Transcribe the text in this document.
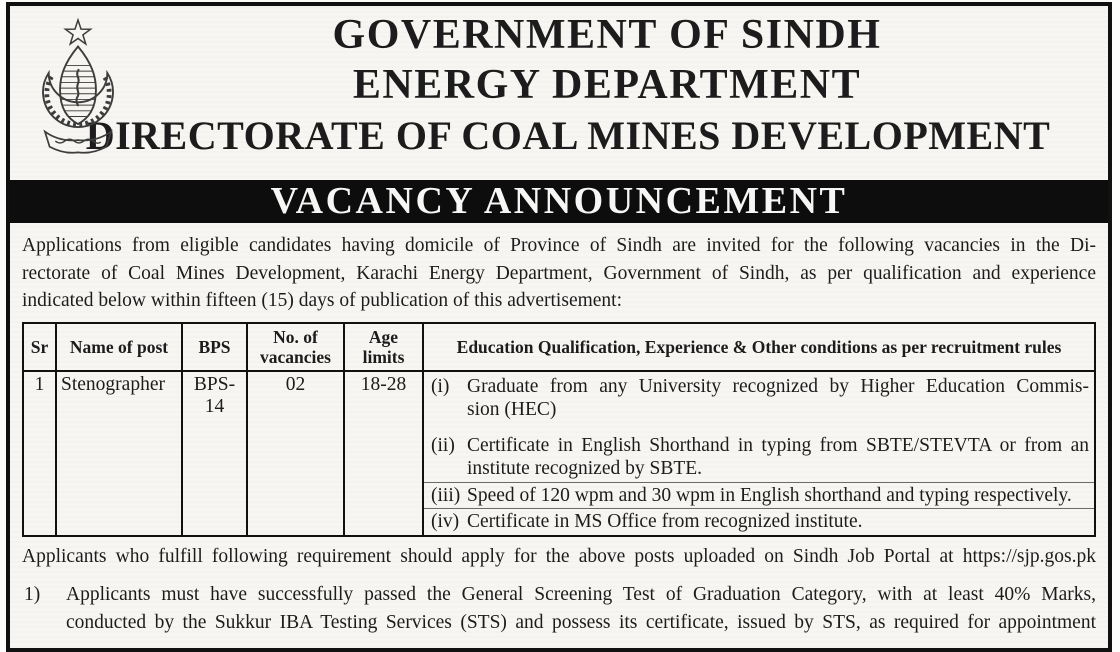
GOVERNMENT OF SINDH
ENERGY DEPARTMENT
DIRECTORATE OF COAL MINES DEVELOPMENT
VACANCY ANNOUNCEMENT
Applications from eligible candidates having domicile of Province of Sindh are invited for the following vacancies in the Di-
rectorate of Coal Mines Development, Karachi Energy Department, Government of Sindh, as per qualification and experience
indicated below within fifteen (15) days of publication of this advertisement:
Sr	Name of post	BPS	No. of vacancies	Age limits	Education Qualification, Experience & Other conditions as per recruitment rules
1	Stenographer	BPS-14	02	18-28	(i) Graduate from any University recognized by Higher Education Commis-
sion (HEC)
(ii) Certificate in English Shorthand in typing from SBTE/STEVTA or from an
institute recognized by SBTE.
(iii) Speed of 120 wpm and 30 wpm in English shorthand and typing respectively.
(iv) Certificate in MS Office from recognized institute.
Applicants who fulfill following requirement should apply for the above posts uploaded on Sindh Job Portal at https://sjp.gos.pk
1)	Applicants must have successfully passed the General Screening Test of Graduation Category, with at least 40% Marks,
conducted by the Sukkur IBA Testing Services (STS) and possess its certificate, issued by STS, as required for appointment
